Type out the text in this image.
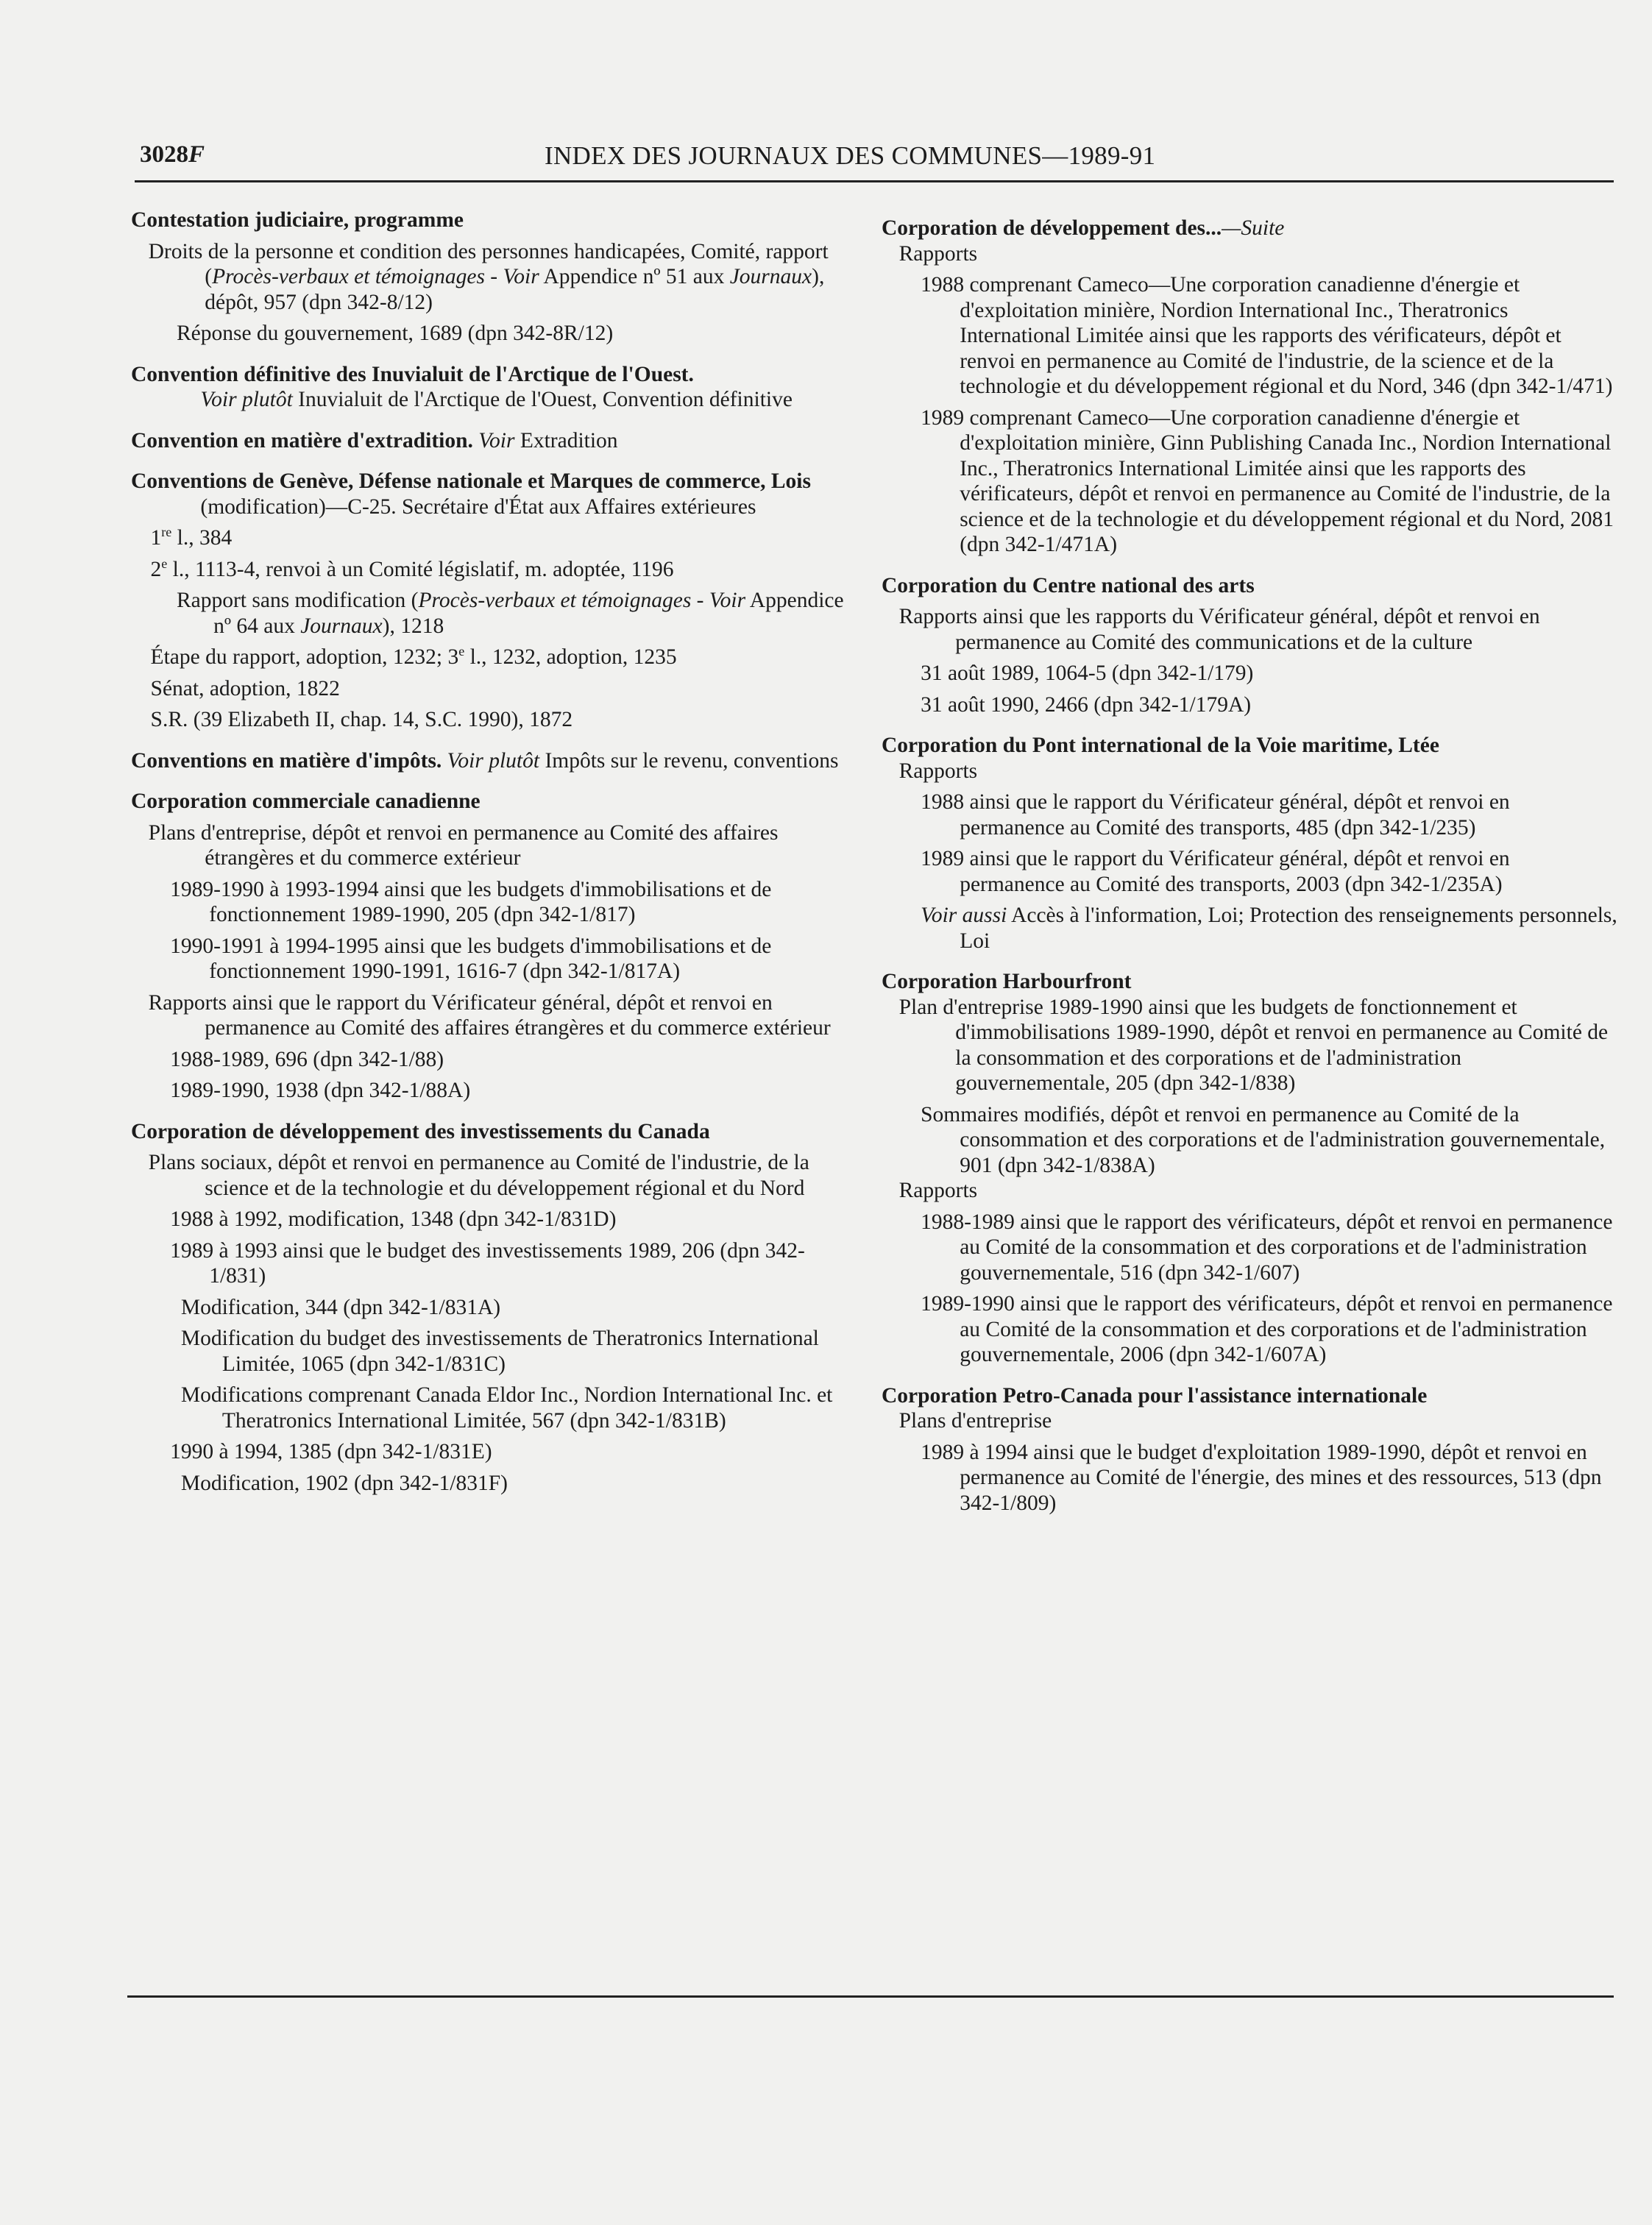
3028F	INDEX DES JOURNAUX DES COMMUNES—1989-91
Contestation judiciaire, programme
Droits de la personne et condition des personnes handicapées, Comité, rapport (Procès-verbaux et témoignages - Voir Appendice nº 51 aux Journaux), dépôt, 957 (dpn 342-8/12)
Réponse du gouvernement, 1689 (dpn 342-8R/12)
Convention définitive des Inuvialuit de l'Arctique de l'Ouest.
Voir plutôt Inuvialuit de l'Arctique de l'Ouest, Convention définitive
Convention en matière d'extradition. Voir Extradition
Conventions de Genève, Défense nationale et Marques de commerce, Lois (modification)—C-25. Secrétaire d'État aux Affaires extérieures
1re l., 384
2e l., 1113-4, renvoi à un Comité législatif, m. adoptée, 1196
Rapport sans modification (Procès-verbaux et témoignages - Voir Appendice nº 64 aux Journaux), 1218
Étape du rapport, adoption, 1232; 3e l., 1232, adoption, 1235
Sénat, adoption, 1822
S.R. (39 Elizabeth II, chap. 14, S.C. 1990), 1872
Conventions en matière d'impôts. Voir plutôt Impôts sur le revenu, conventions
Corporation commerciale canadienne
Plans d'entreprise, dépôt et renvoi en permanence au Comité des affaires étrangères et du commerce extérieur
1989-1990 à 1993-1994 ainsi que les budgets d'immobilisations et de fonctionnement 1989-1990, 205 (dpn 342-1/817)
1990-1991 à 1994-1995 ainsi que les budgets d'immobilisations et de fonctionnement 1990-1991, 1616-7 (dpn 342-1/817A)
Rapports ainsi que le rapport du Vérificateur général, dépôt et renvoi en permanence au Comité des affaires étrangères et du commerce extérieur
1988-1989, 696 (dpn 342-1/88)
1989-1990, 1938 (dpn 342-1/88A)
Corporation de développement des investissements du Canada
Plans sociaux, dépôt et renvoi en permanence au Comité de l'industrie, de la science et de la technologie et du développement régional et du Nord
1988 à 1992, modification, 1348 (dpn 342-1/831D)
1989 à 1993 ainsi que le budget des investissements 1989, 206 (dpn 342-1/831)
Modification, 344 (dpn 342-1/831A)
Modification du budget des investissements de Theratronics International Limitée, 1065 (dpn 342-1/831C)
Modifications comprenant Canada Eldor Inc., Nordion International Inc. et Theratronics International Limitée, 567 (dpn 342-1/831B)
1990 à 1994, 1385 (dpn 342-1/831E)
Modification, 1902 (dpn 342-1/831F)
Corporation de développement des...—Suite
Rapports
1988 comprenant Cameco—Une corporation canadienne d'énergie et d'exploitation minière, Nordion International Inc., Theratronics International Limitée ainsi que les rapports des vérificateurs, dépôt et renvoi en permanence au Comité de l'industrie, de la science et de la technologie et du développement régional et du Nord, 346 (dpn 342-1/471)
1989 comprenant Cameco—Une corporation canadienne d'énergie et d'exploitation minière, Ginn Publishing Canada Inc., Nordion International Inc., Theratronics International Limitée ainsi que les rapports des vérificateurs, dépôt et renvoi en permanence au Comité de l'industrie, de la science et de la technologie et du développement régional et du Nord, 2081 (dpn 342-1/471A)
Corporation du Centre national des arts
Rapports ainsi que les rapports du Vérificateur général, dépôt et renvoi en permanence au Comité des communications et de la culture
31 août 1989, 1064-5 (dpn 342-1/179)
31 août 1990, 2466 (dpn 342-1/179A)
Corporation du Pont international de la Voie maritime, Ltée
Rapports
1988 ainsi que le rapport du Vérificateur général, dépôt et renvoi en permanence au Comité des transports, 485 (dpn 342-1/235)
1989 ainsi que le rapport du Vérificateur général, dépôt et renvoi en permanence au Comité des transports, 2003 (dpn 342-1/235A)
Voir aussi Accès à l'information, Loi; Protection des renseignements personnels, Loi
Corporation Harbourfront
Plan d'entreprise 1989-1990 ainsi que les budgets de fonctionnement et d'immobilisations 1989-1990, dépôt et renvoi en permanence au Comité de la consommation et des corporations et de l'administration gouvernementale, 205 (dpn 342-1/838)
Sommaires modifiés, dépôt et renvoi en permanence au Comité de la consommation et des corporations et de l'administration gouvernementale, 901 (dpn 342-1/838A)
Rapports
1988-1989 ainsi que le rapport des vérificateurs, dépôt et renvoi en permanence au Comité de la consommation et des corporations et de l'administration gouvernementale, 516 (dpn 342-1/607)
1989-1990 ainsi que le rapport des vérificateurs, dépôt et renvoi en permanence au Comité de la consommation et des corporations et de l'administration gouvernementale, 2006 (dpn 342-1/607A)
Corporation Petro-Canada pour l'assistance internationale
Plans d'entreprise
1989 à 1994 ainsi que le budget d'exploitation 1989-1990, dépôt et renvoi en permanence au Comité de l'énergie, des mines et des ressources, 513 (dpn 342-1/809)
